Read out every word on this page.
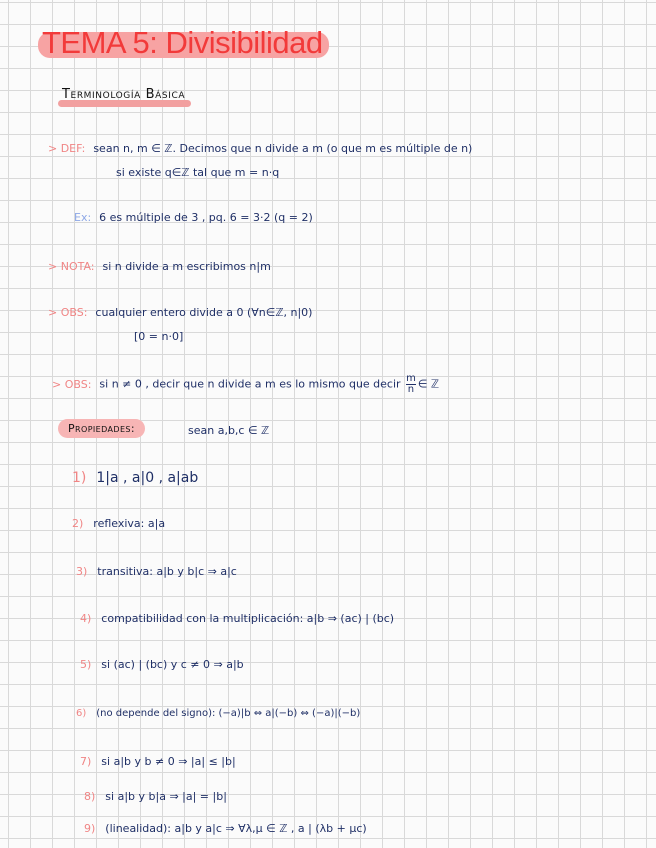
TEMA 5: Divisibilidad
Terminología Básica
> DEF: sean n, m ∈ ℤ. Decimos que n divide a m (o que m es múltiple de n)
si existe q∈ℤ tal que m = n·q
Ex: 6 es múltiple de 3 , pq. 6 = 3·2 (q = 2)
> NOTA: si n divide a m escribimos n|m
> OBS: cualquier entero divide a 0 (∀n∈ℤ, n|0)
[0 = n·0]
> OBS: si n ≠ 0 , decir que n divide a m es lo mismo que decir $\frac{m}{n}$ ∈ ℤ
Propiedades:	sean a,b,c ∈ ℤ
1) 1|a , a|0 , a|ab
2) reflexiva: a|a
3) transitiva: a|b y b|c ⇒ a|c
4) compatibilidad con la multiplicación: a|b ⇒ (ac) | (bc)
5) si (ac) | (bc) y c ≠ 0 ⇒ a|b
6) (no depende del signo): (−a)|b ⇔ a|(−b) ⇔ (−a)|(−b)
7) si a|b y b ≠ 0 ⇒ |a| ≤ |b|
8) si a|b y b|a ⇒ |a| = |b|
9) (linealidad): a|b y a|c ⇒ ∀λ,μ ∈ ℤ , a | (λb + μc)
